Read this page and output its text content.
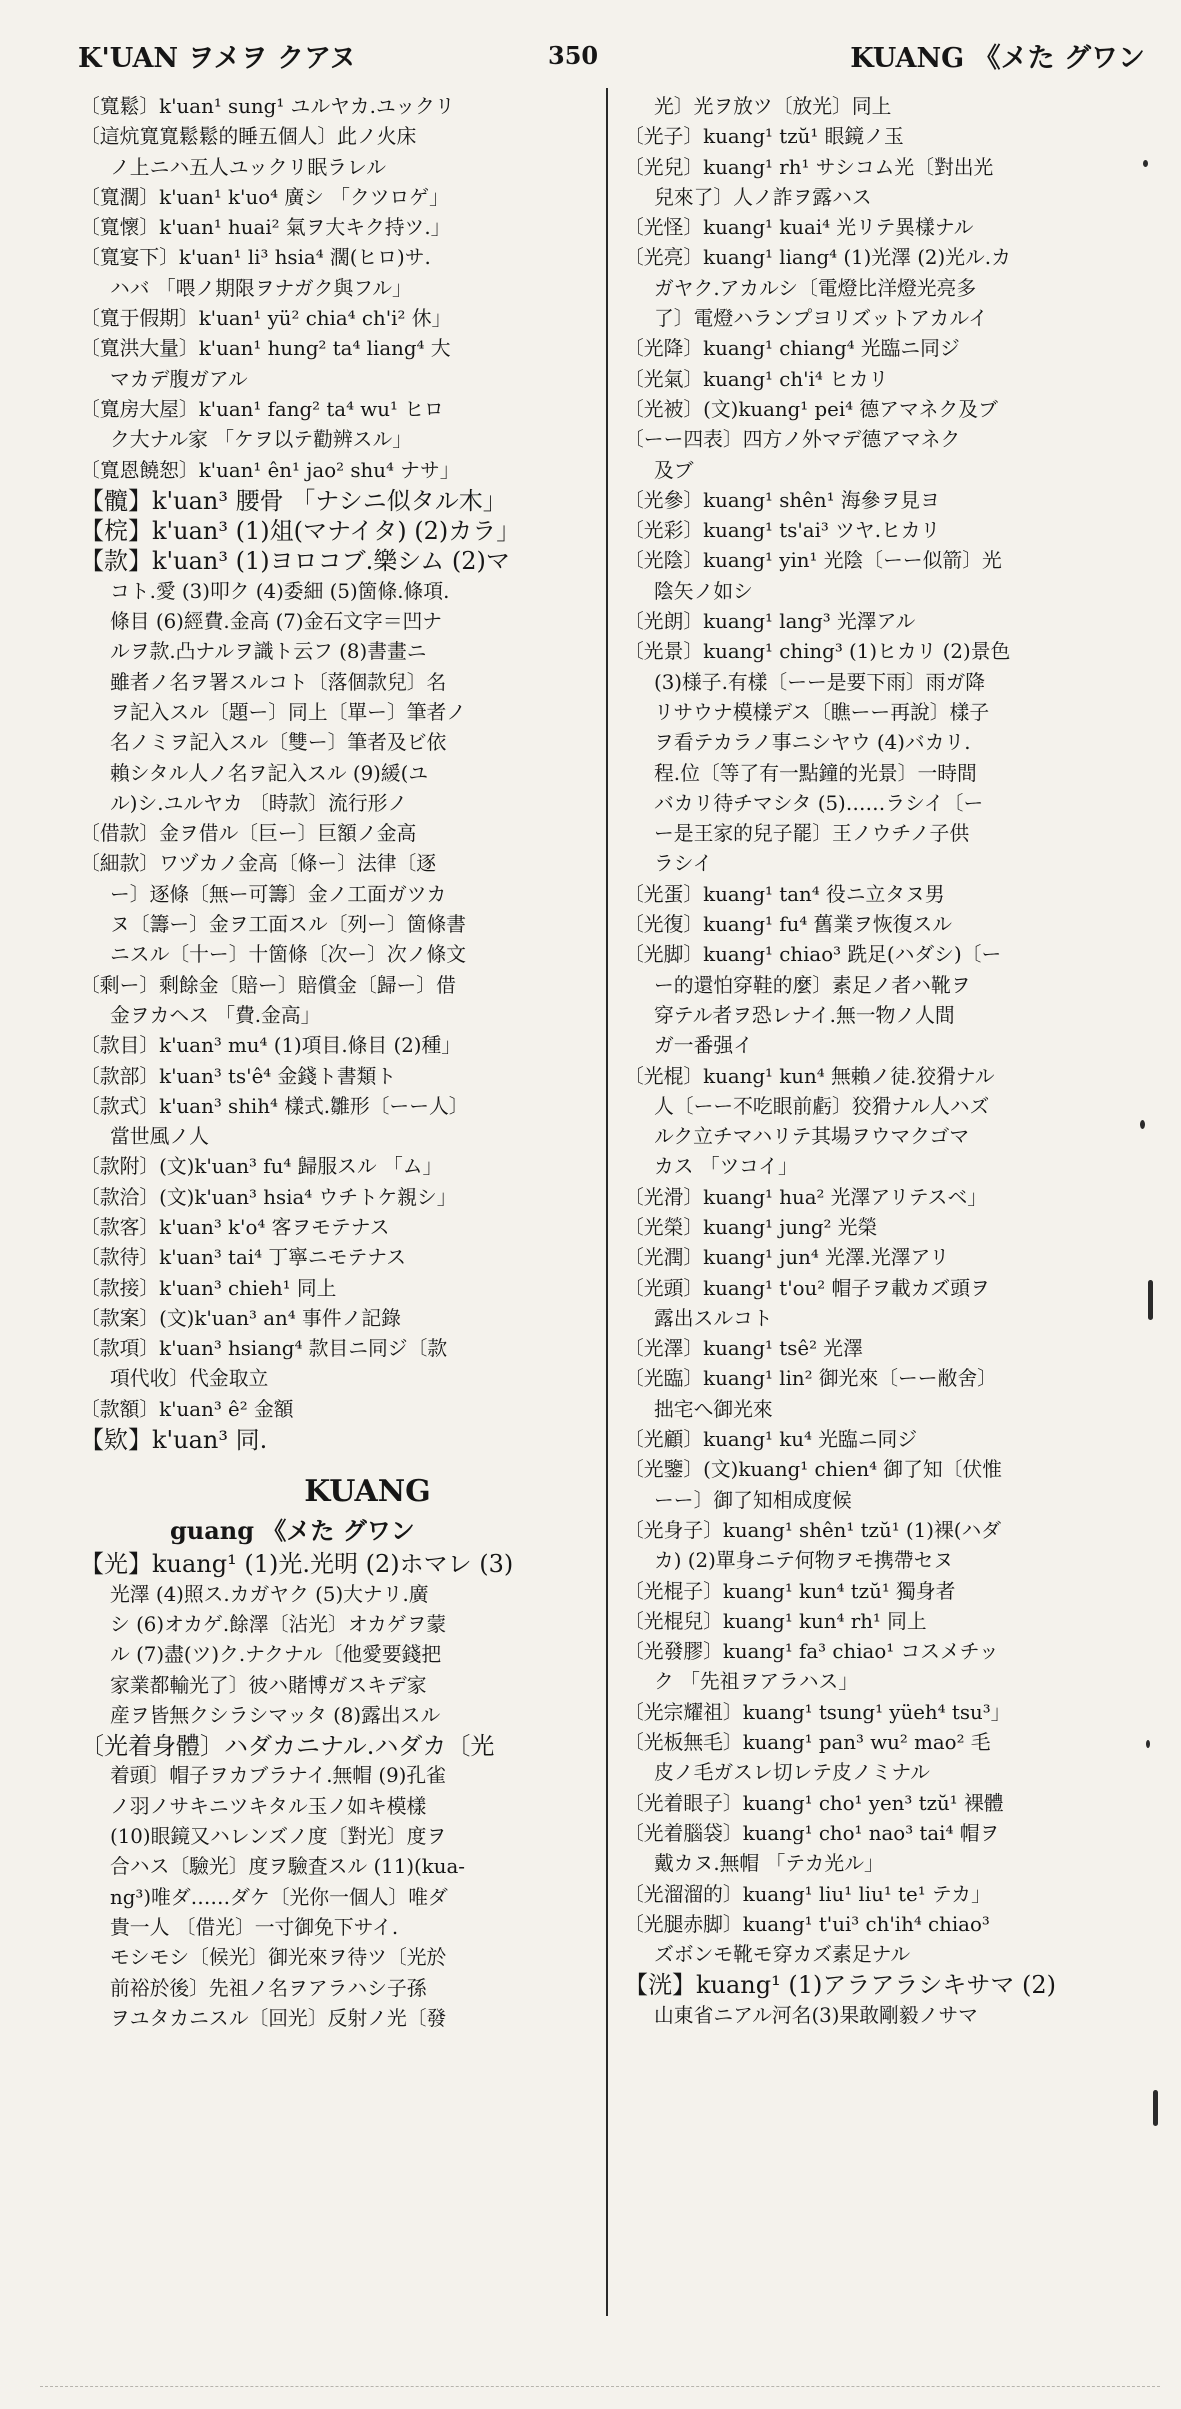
K'UAN ヲメヲ クアヌ	350	KUANG 《メた グワン
〔寬鬆〕k'uan¹ sung¹ ユルヤカ.ユックリ
〔這炕寬寬鬆鬆的睡五個人〕此ノ火床
ノ上ニハ五人ユックリ眠ラレル
〔寬濶〕k'uan¹ k'uo⁴ 廣シ 「クツロゲ」
〔寬懷〕k'uan¹ huai² 氣ヲ大キク持ツ.」
〔寬宴下〕k'uan¹ li³ hsia⁴ 濶(ヒロ)サ.
ハバ 「喂ノ期限ヲナガク與フル」
〔寬于假期〕k'uan¹ yü² chia⁴ ch'i² 休」
〔寬洪大量〕k'uan¹ hung² ta⁴ liang⁴ 大
マカデ腹ガアル
〔寬房大屋〕k'uan¹ fang² ta⁴ wu¹ ヒロ
ク大ナル家 「ケヲ以テ勸辨スル」
〔寬恩饒恕〕k'uan¹ ên¹ jao² shu⁴ ナサ」
【髖】k'uan³ 腰骨 「ナシニ似タル木」
【梡】k'uan³ (1)俎(マナイタ) (2)カラ」
【款】k'uan³ (1)ヨロコブ.樂シム (2)マ
コト.愛 (3)叩ク (4)委細 (5)箇條.條項.
條目 (6)經費.金高 (7)金石文字＝凹ナ
ルヲ款.凸ナルヲ識ト云フ (8)書畫ニ
雖者ノ名ヲ署スルコト〔落個款兒〕名
ヲ記入スル〔題ー〕同上〔單ー〕筆者ノ
名ノミヲ記入スル〔雙ー〕筆者及ビ依
賴シタル人ノ名ヲ記入スル (9)緩(ユ
ル)シ.ユルヤカ 〔時款〕流行形ノ
〔借款〕金ヲ借ル〔巨ー〕巨額ノ金高
〔細款〕ワヅカノ金高〔條ー〕法律〔逐
ー〕逐條〔無ー可籌〕金ノ工面ガツカ
ヌ〔籌ー〕金ヲ工面スル〔列ー〕箇條書
ニスル〔十ー〕十箇條〔次ー〕次ノ條文
〔剩ー〕剩餘金〔賠ー〕賠償金〔歸ー〕借
金ヲカヘス 「費.金高」
〔款目〕k'uan³ mu⁴ (1)項目.條目 (2)種」
〔款部〕k'uan³ ts'ê⁴ 金錢ト書類ト
〔款式〕k'uan³ shih⁴ 樣式.雛形〔ーー人〕
當世風ノ人
〔款附〕(文)k'uan³ fu⁴ 歸服スル 「ム」
〔款洽〕(文)k'uan³ hsia⁴ ウチトケ親シ」
〔款客〕k'uan³ k'o⁴ 客ヲモテナス
〔款待〕k'uan³ tai⁴ 丁寧ニモテナス
〔款接〕k'uan³ chieh¹ 同上
〔款案〕(文)k'uan³ an⁴ 事件ノ記錄
〔款項〕k'uan³ hsiang⁴ 款目ニ同ジ〔款
項代收〕代金取立
〔款額〕k'uan³ ê² 金額
【欵】k'uan³ 同.
KUANG
guang 《メた グワン
【光】kuang¹ (1)光.光明 (2)ホマレ (3)
光澤 (4)照ス.カガヤク (5)大ナリ.廣
シ (6)オカゲ.餘澤〔沾光〕オカゲヲ蒙
ル (7)盡(ツ)ク.ナクナル〔他愛要錢把
家業都輸光了〕彼ハ賭博ガスキデ家
産ヲ皆無クシラシマッタ (8)露出スル
〔光着身體〕ハダカニナル.ハダカ〔光
着頭〕帽子ヲカブラナイ.無帽 (9)孔雀
ノ羽ノサキニツキタル玉ノ如キ模樣
(10)眼鏡又ハレンズノ度〔對光〕度ヲ
合ハス〔驗光〕度ヲ驗査スル (11)(kua-
ng³)唯ダ……ダケ〔光你一個人〕唯ダ
貴一人 〔借光〕一寸御免下サイ.
モシモシ〔候光〕御光來ヲ待ツ〔光於
前裕於後〕先祖ノ名ヲアラハシ子孫
ヲユタカニスル〔回光〕反射ノ光〔發
光〕光ヲ放ツ〔放光〕同上
〔光子〕kuang¹ tzŭ¹ 眼鏡ノ玉
〔光兒〕kuang¹ rh¹ サシコム光〔對出光
兒來了〕人ノ詐ヲ露ハス
〔光怪〕kuang¹ kuai⁴ 光リテ異樣ナル
〔光亮〕kuang¹ liang⁴ (1)光澤 (2)光ル.カ
ガヤク.アカルシ〔電燈比洋燈光亮多
了〕電燈ハランプヨリズットアカルイ
〔光降〕kuang¹ chiang⁴ 光臨ニ同ジ
〔光氣〕kuang¹ ch'i⁴ ヒカリ
〔光被〕(文)kuang¹ pei⁴ 德アマネク及ブ
〔ーー四表〕四方ノ外マデ德アマネク
及ブ
〔光參〕kuang¹ shên¹ 海參ヲ見ヨ
〔光彩〕kuang¹ ts'ai³ ツヤ.ヒカリ
〔光陰〕kuang¹ yin¹ 光陰〔ーー似箭〕光
陰矢ノ如シ
〔光朗〕kuang¹ lang³ 光澤アル
〔光景〕kuang¹ ching³ (1)ヒカリ (2)景色
(3)様子.有樣〔ーー是要下雨〕雨ガ降
リサウナ模樣デス〔瞧ーー再說〕樣子
ヲ看テカラノ事ニシヤウ (4)バカリ.
程.位〔等了有一點鐘的光景〕一時間
バカリ待チマシタ (5)……ラシイ〔ー
ー是王家的兒子罷〕王ノウチノ子供
ラシイ
〔光蛋〕kuang¹ tan⁴ 役ニ立タヌ男
〔光復〕kuang¹ fu⁴ 舊業ヲ恢復スル
〔光脚〕kuang¹ chiao³ 跣足(ハダシ)〔ー
ー的還怕穿鞋的麼〕素足ノ者ハ靴ヲ
穿テル者ヲ恐レナイ.無一物ノ人間
ガ一番强イ
〔光棍〕kuang¹ kun⁴ 無賴ノ徒.狡猾ナル
人〔ーー不吃眼前虧〕狡猾ナル人ハズ
ルク立チマハリテ其場ヲウマクゴマ
カス 「ツコイ」
〔光滑〕kuang¹ hua² 光澤アリテスベ」
〔光榮〕kuang¹ jung² 光榮
〔光潤〕kuang¹ jun⁴ 光澤.光澤アリ
〔光頭〕kuang¹ t'ou² 帽子ヲ載カズ頭ヲ
露出スルコト
〔光澤〕kuang¹ tsê² 光澤
〔光臨〕kuang¹ lin² 御光來〔ーー敝舍〕
拙宅へ御光來
〔光顧〕kuang¹ ku⁴ 光臨ニ同ジ
〔光鑒〕(文)kuang¹ chien⁴ 御了知〔伏惟
ーー〕御了知相成度候
〔光身子〕kuang¹ shên¹ tzŭ¹ (1)裸(ハダ
カ) (2)單身ニテ何物ヲモ携帶セヌ
〔光棍子〕kuang¹ kun⁴ tzŭ¹ 獨身者
〔光棍兒〕kuang¹ kun⁴ rh¹ 同上
〔光發膠〕kuang¹ fa³ chiao¹ コスメチッ
ク 「先祖ヲアラハス」
〔光宗耀祖〕kuang¹ tsung¹ yüeh⁴ tsu³」
〔光板無毛〕kuang¹ pan³ wu² mao² 毛
皮ノ毛ガスレ切レテ皮ノミナル
〔光着眼子〕kuang¹ cho¹ yen³ tzŭ¹ 裸體
〔光着腦袋〕kuang¹ cho¹ nao³ tai⁴ 帽ヲ
戴カヌ.無帽 「テカ光ル」
〔光溜溜的〕kuang¹ liu¹ liu¹ te¹ テカ」
〔光腿赤脚〕kuang¹ t'ui³ ch'ih⁴ chiao³
ズボンモ靴モ穿カズ素足ナル
【洸】kuang¹ (1)アラアラシキサマ (2)
山東省ニアル河名(3)果敢剛毅ノサマ
